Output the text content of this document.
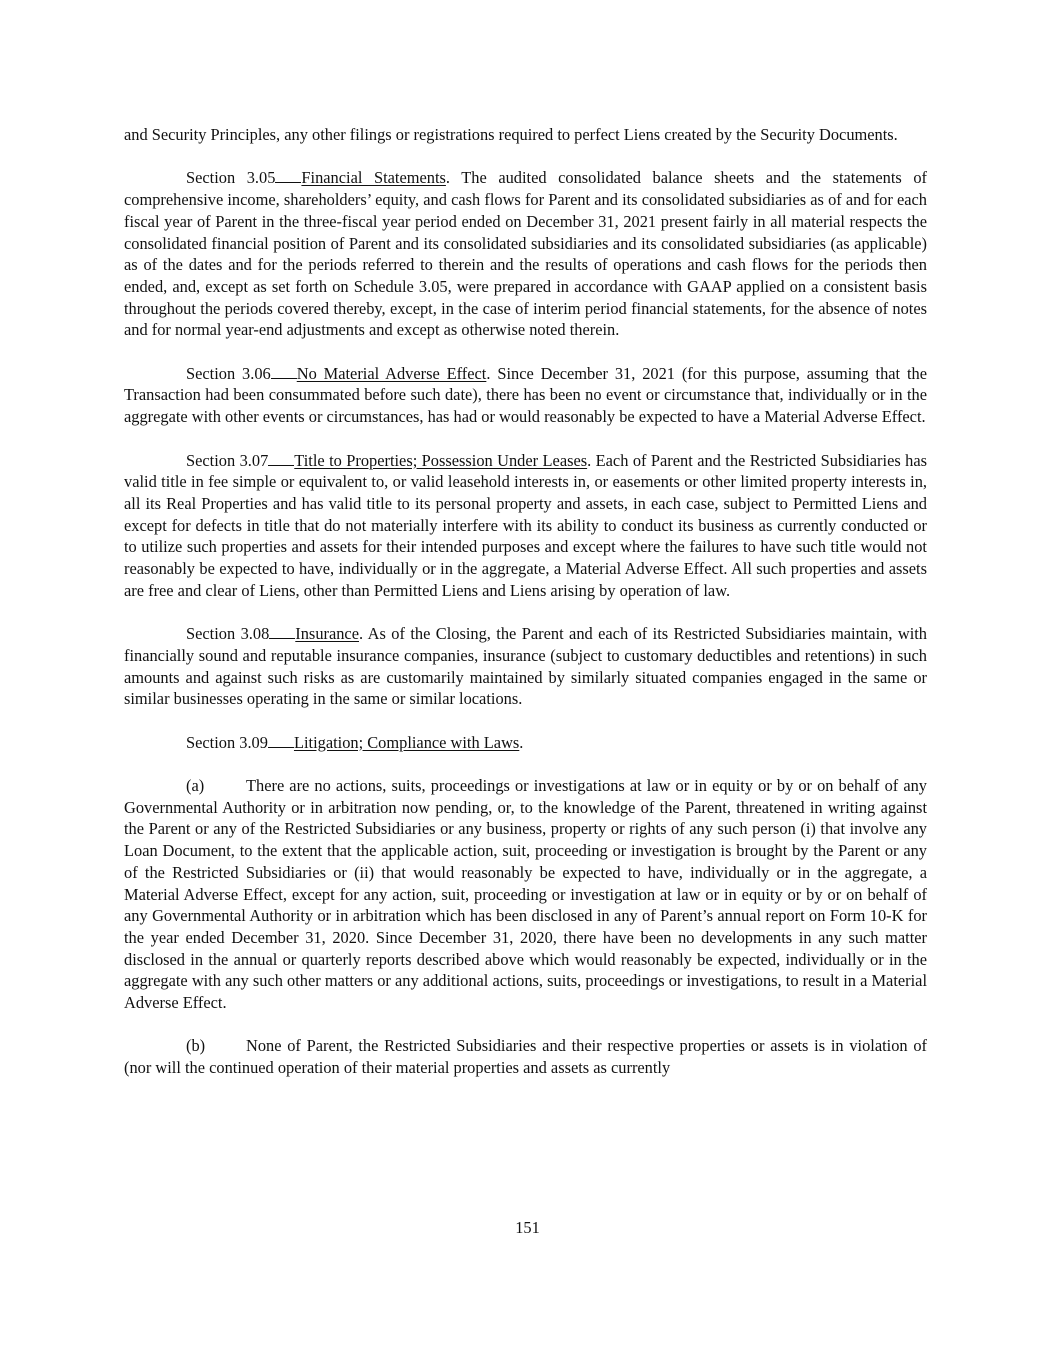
and Security Principles, any other filings or registrations required to perfect Liens created by the Security Documents.

Section 3.05 Financial Statements. The audited consolidated balance sheets and the statements of comprehensive income, shareholders’ equity, and cash flows for Parent and its consolidated subsidiaries as of and for each fiscal year of Parent in the three-fiscal year period ended on December 31, 2021 present fairly in all material respects the consolidated financial position of Parent and its consolidated subsidiaries and its consolidated subsidiaries (as applicable) as of the dates and for the periods referred to therein and the results of operations and cash flows for the periods then ended, and, except as set forth on Schedule 3.05, were prepared in accordance with GAAP applied on a consistent basis throughout the periods covered thereby, except, in the case of interim period financial statements, for the absence of notes and for normal year-end adjustments and except as otherwise noted therein.

Section 3.06 No Material Adverse Effect. Since December 31, 2021 (for this purpose, assuming that the Transaction had been consummated before such date), there has been no event or circumstance that, individually or in the aggregate with other events or circumstances, has had or would reasonably be expected to have a Material Adverse Effect.

Section 3.07 Title to Properties; Possession Under Leases. Each of Parent and the Restricted Subsidiaries has valid title in fee simple or equivalent to, or valid leasehold interests in, or easements or other limited property interests in, all its Real Properties and has valid title to its personal property and assets, in each case, subject to Permitted Liens and except for defects in title that do not materially interfere with its ability to conduct its business as currently conducted or to utilize such properties and assets for their intended purposes and except where the failures to have such title would not reasonably be expected to have, individually or in the aggregate, a Material Adverse Effect. All such properties and assets are free and clear of Liens, other than Permitted Liens and Liens arising by operation of law.

Section 3.08 Insurance. As of the Closing, the Parent and each of its Restricted Subsidiaries maintain, with financially sound and reputable insurance companies, insurance (subject to customary deductibles and retentions) in such amounts and against such risks as are customarily maintained by similarly situated companies engaged in the same or similar businesses operating in the same or similar locations.

Section 3.09 Litigation; Compliance with Laws.

(a)	There are no actions, suits, proceedings or investigations at law or in equity or by or on behalf of any Governmental Authority or in arbitration now pending, or, to the knowledge of the Parent, threatened in writing against the Parent or any of the Restricted Subsidiaries or any business, property or rights of any such person (i) that involve any Loan Document, to the extent that the applicable action, suit, proceeding or investigation is brought by the Parent or any of the Restricted Subsidiaries or (ii) that would reasonably be expected to have, individually or in the aggregate, a Material Adverse Effect, except for any action, suit, proceeding or investigation at law or in equity or by or on behalf of any Governmental Authority or in arbitration which has been disclosed in any of Parent’s annual report on Form 10-K for the year ended December 31, 2020. Since December 31, 2020, there have been no developments in any such matter disclosed in the annual or quarterly reports described above which would reasonably be expected, individually or in the aggregate with any such other matters or any additional actions, suits, proceedings or investigations, to result in a Material Adverse Effect.

(b) None of Parent, the Restricted Subsidiaries and their respective properties or assets is in violation of (nor will the continued operation of their material properties and assets as currently

151
